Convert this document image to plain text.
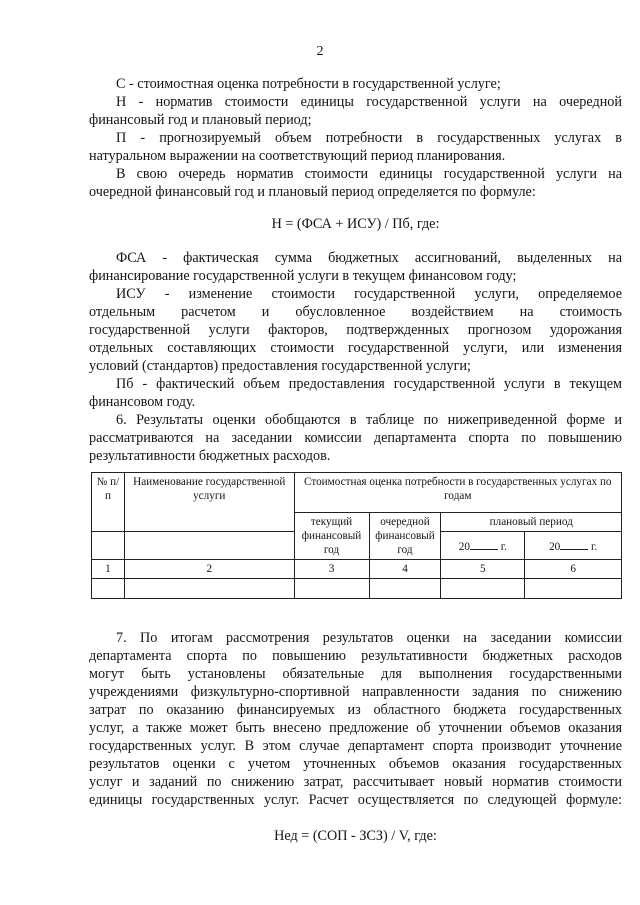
2
С - стоимостная оценка потребности в государственной услуге;
Н - норматив стоимости единицы государственной услуги на очередной
финансовый год и плановый период;
П - прогнозируемый объем потребности в государственных услугах в
натуральном выражении на соответствующий период планирования.
В свою очередь норматив стоимости единицы государственной услуги на
очередной финансовый год и плановый период определяется по формуле:
Н = (ФСА + ИСУ) / Пб, где:
ФСА - фактическая сумма бюджетных ассигнований, выделенных на
финансирование государственной услуги в текущем финансовом году;
ИСУ - изменение стоимости государственной услуги, определяемое
отдельным расчетом и обусловленное воздействием на стоимость
государственной услуги факторов, подтвержденных прогнозом удорожания
отдельных составляющих стоимости государственной услуги, или изменения
условий (стандартов) предоставления государственной услуги;
Пб - фактический объем предоставления государственной услуги в текущем
финансовом году.
6. Результаты оценки обобщаются в таблице по нижеприведенной форме и
рассматриваются на заседании комиссии департамента спорта по повышению
результативности бюджетных расходов.
№ п/п	Наименование государственной услуги	Стоимостная оценка потребности в государственных услугах по годам			
		текущий финансовый год	очередной финансовый год	плановый период	
				20 г.	20 г.
1	2	3	4	5	6

7. По итогам рассмотрения результатов оценки на заседании комиссии
департамента спорта по повышению результативности бюджетных расходов
могут быть установлены обязательные для выполнения государственными
учреждениями физкультурно-спортивной направленности задания по снижению
затрат по оказанию финансируемых из областного бюджета государственных
услуг, а также может быть внесено предложение об уточнении объемов оказания
государственных услуг. В этом случае департамент спорта производит уточнение
результатов оценки с учетом уточненных объемов оказания государственных
услуг и заданий по снижению затрат, рассчитывает новый норматив стоимости
единицы государственных услуг. Расчет осуществляется по следующей формуле:
Нед = (СОП - ЗСЗ) / V, где:
